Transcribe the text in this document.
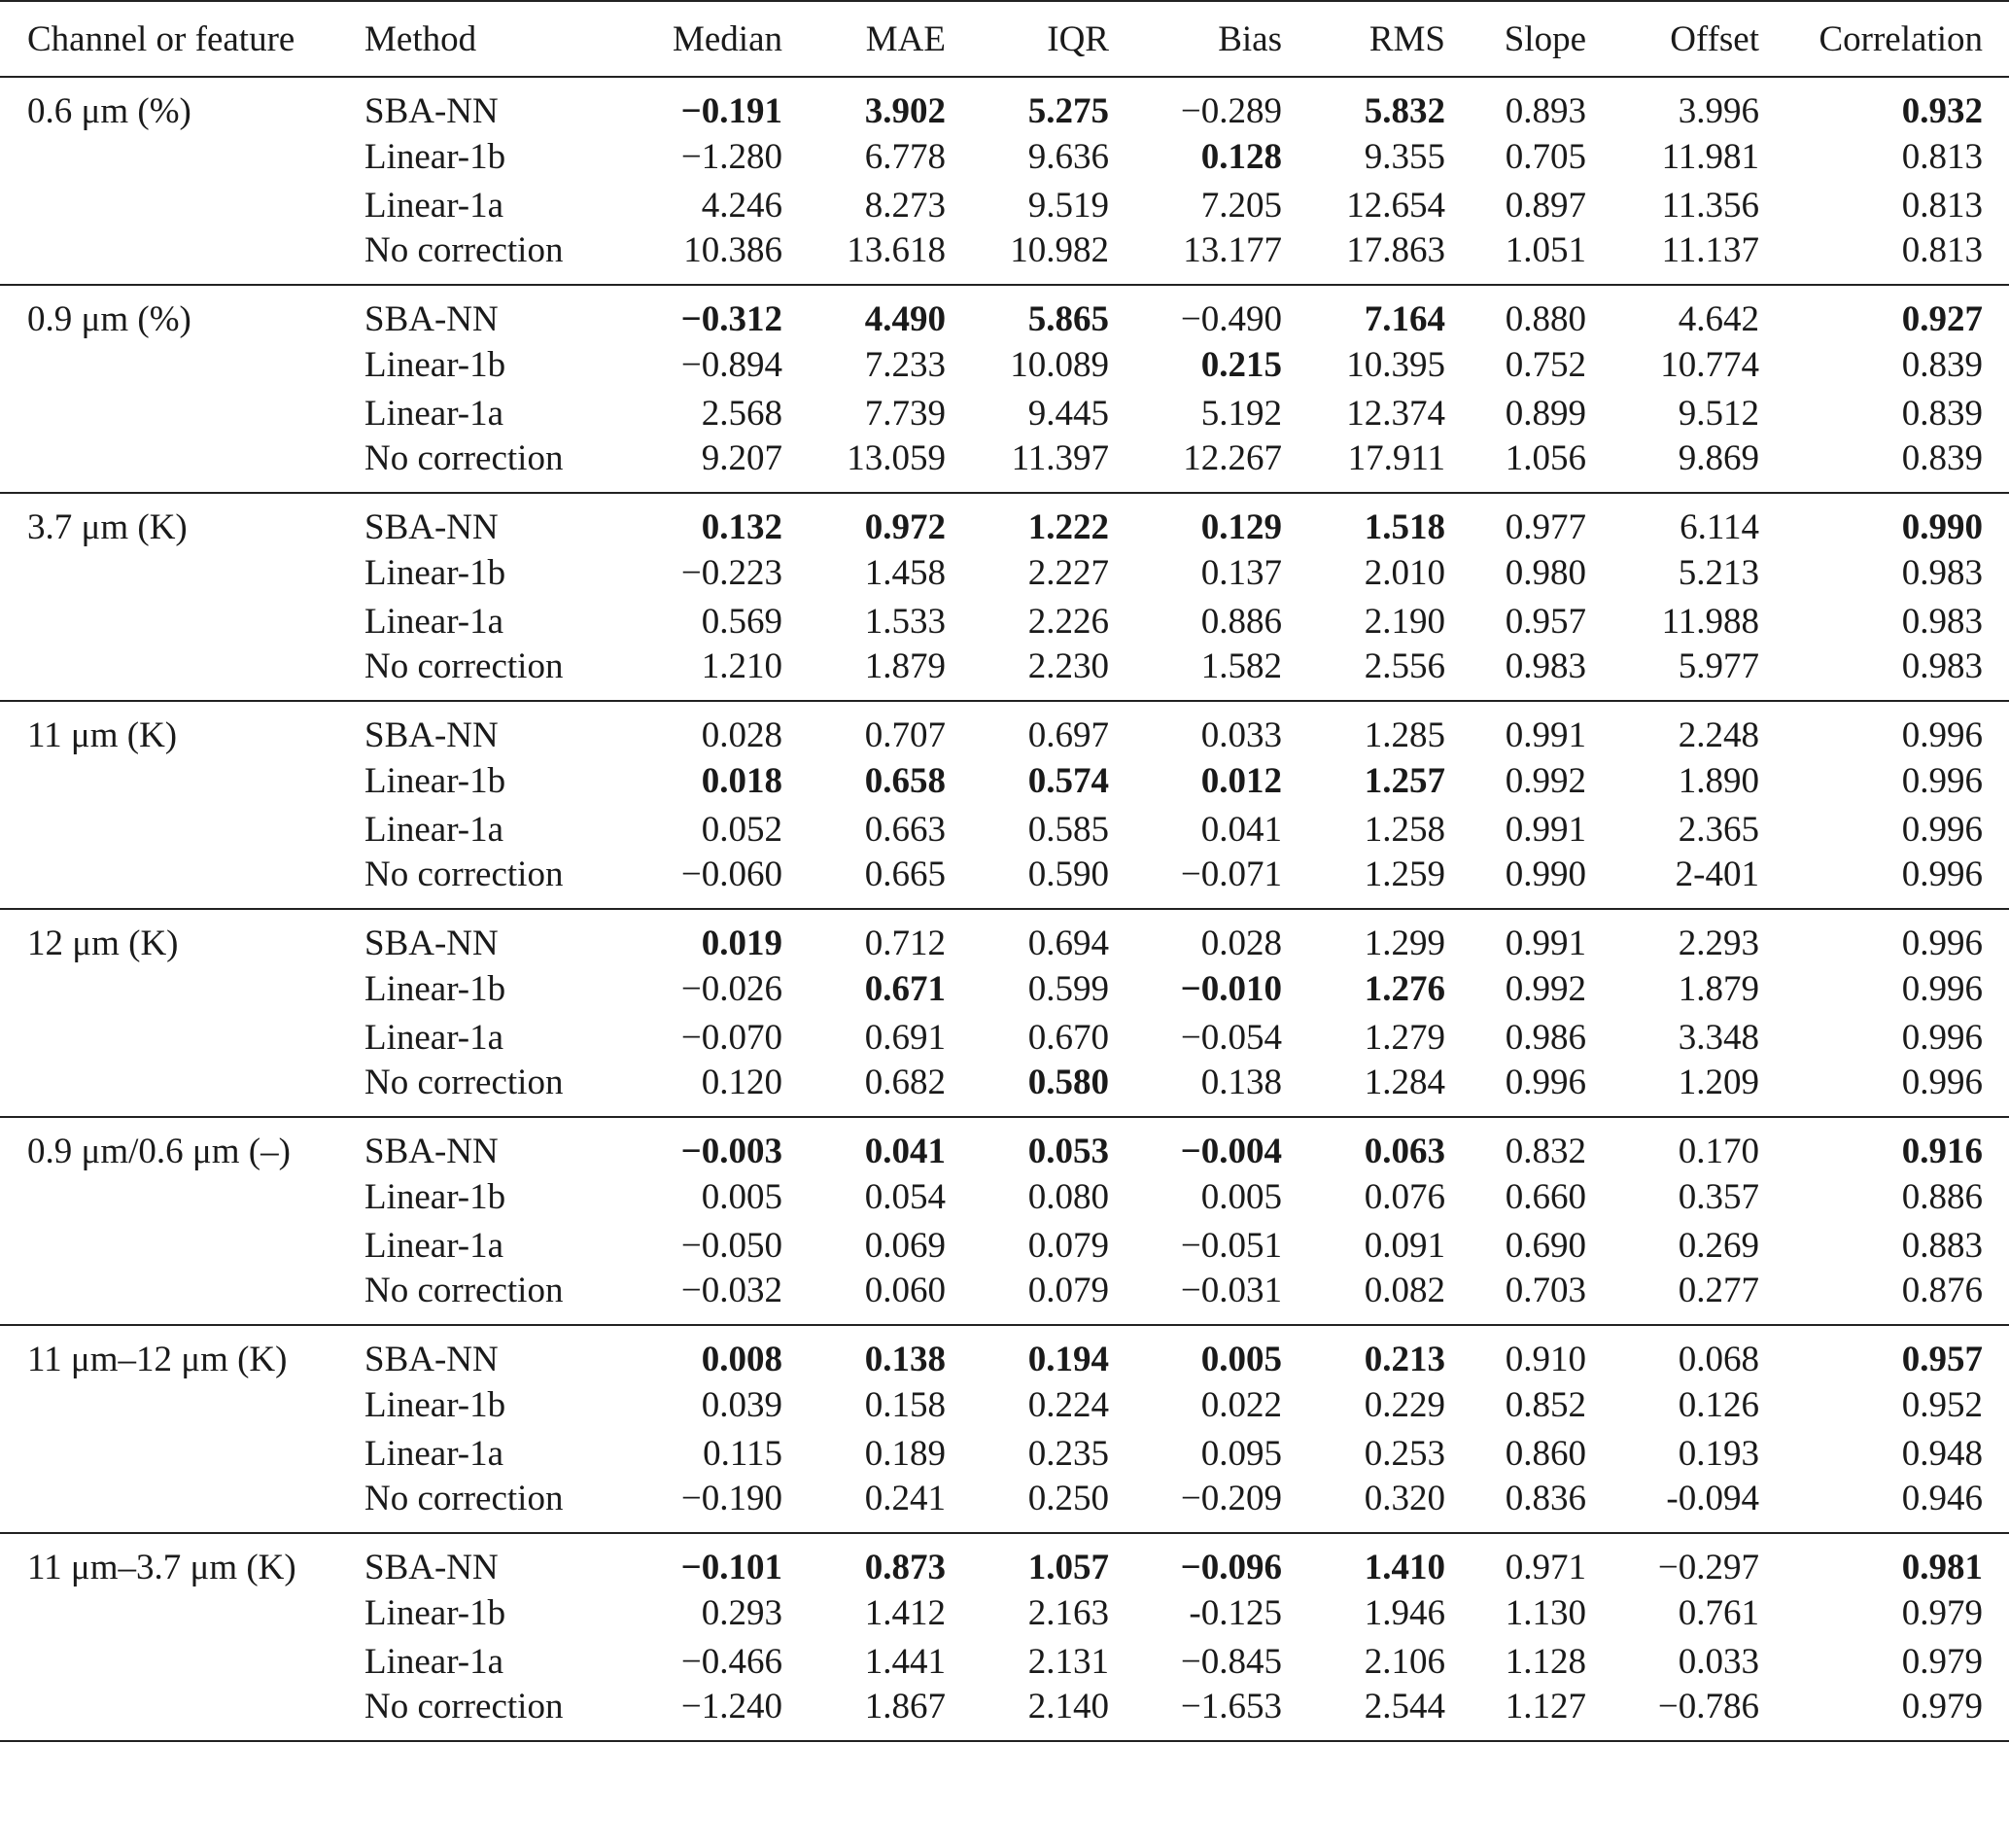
Channel or feature	Method	Median	MAE	IQR	Bias	RMS	Slope	Offset	Correlation
0.6 μm (%)	SBA-NN	−0.191	3.902	5.275	−0.289	5.832	0.893	3.996	0.932
	Linear-1b	−1.280	6.778	9.636	0.128	9.355	0.705	11.981	0.813
	Linear-1a	4.246	8.273	9.519	7.205	12.654	0.897	11.356	0.813
	No correction	10.386	13.618	10.982	13.177	17.863	1.051	11.137	0.813
0.9 μm (%)	SBA-NN	−0.312	4.490	5.865	−0.490	7.164	0.880	4.642	0.927
	Linear-1b	−0.894	7.233	10.089	0.215	10.395	0.752	10.774	0.839
	Linear-1a	2.568	7.739	9.445	5.192	12.374	0.899	9.512	0.839
	No correction	9.207	13.059	11.397	12.267	17.911	1.056	9.869	0.839
3.7 μm (K)	SBA-NN	0.132	0.972	1.222	0.129	1.518	0.977	6.114	0.990
	Linear-1b	−0.223	1.458	2.227	0.137	2.010	0.980	5.213	0.983
	Linear-1a	0.569	1.533	2.226	0.886	2.190	0.957	11.988	0.983
	No correction	1.210	1.879	2.230	1.582	2.556	0.983	5.977	0.983
11 μm (K)	SBA-NN	0.028	0.707	0.697	0.033	1.285	0.991	2.248	0.996
	Linear-1b	0.018	0.658	0.574	0.012	1.257	0.992	1.890	0.996
	Linear-1a	0.052	0.663	0.585	0.041	1.258	0.991	2.365	0.996
	No correction	−0.060	0.665	0.590	−0.071	1.259	0.990	2-401	0.996
12 μm (K)	SBA-NN	0.019	0.712	0.694	0.028	1.299	0.991	2.293	0.996
	Linear-1b	−0.026	0.671	0.599	−0.010	1.276	0.992	1.879	0.996
	Linear-1a	−0.070	0.691	0.670	−0.054	1.279	0.986	3.348	0.996
	No correction	0.120	0.682	0.580	0.138	1.284	0.996	1.209	0.996
0.9 μm/0.6 μm (–)	SBA-NN	−0.003	0.041	0.053	−0.004	0.063	0.832	0.170	0.916
	Linear-1b	0.005	0.054	0.080	0.005	0.076	0.660	0.357	0.886
	Linear-1a	−0.050	0.069	0.079	−0.051	0.091	0.690	0.269	0.883
	No correction	−0.032	0.060	0.079	−0.031	0.082	0.703	0.277	0.876
11 μm–12 μm (K)	SBA-NN	0.008	0.138	0.194	0.005	0.213	0.910	0.068	0.957
	Linear-1b	0.039	0.158	0.224	0.022	0.229	0.852	0.126	0.952
	Linear-1a	0.115	0.189	0.235	0.095	0.253	0.860	0.193	0.948
	No correction	−0.190	0.241	0.250	−0.209	0.320	0.836	-0.094	0.946
11 μm–3.7 μm (K)	SBA-NN	−0.101	0.873	1.057	−0.096	1.410	0.971	−0.297	0.981
	Linear-1b	0.293	1.412	2.163	-0.125	1.946	1.130	0.761	0.979
	Linear-1a	−0.466	1.441	2.131	−0.845	2.106	1.128	0.033	0.979
	No correction	−1.240	1.867	2.140	−1.653	2.544	1.127	−0.786	0.979
